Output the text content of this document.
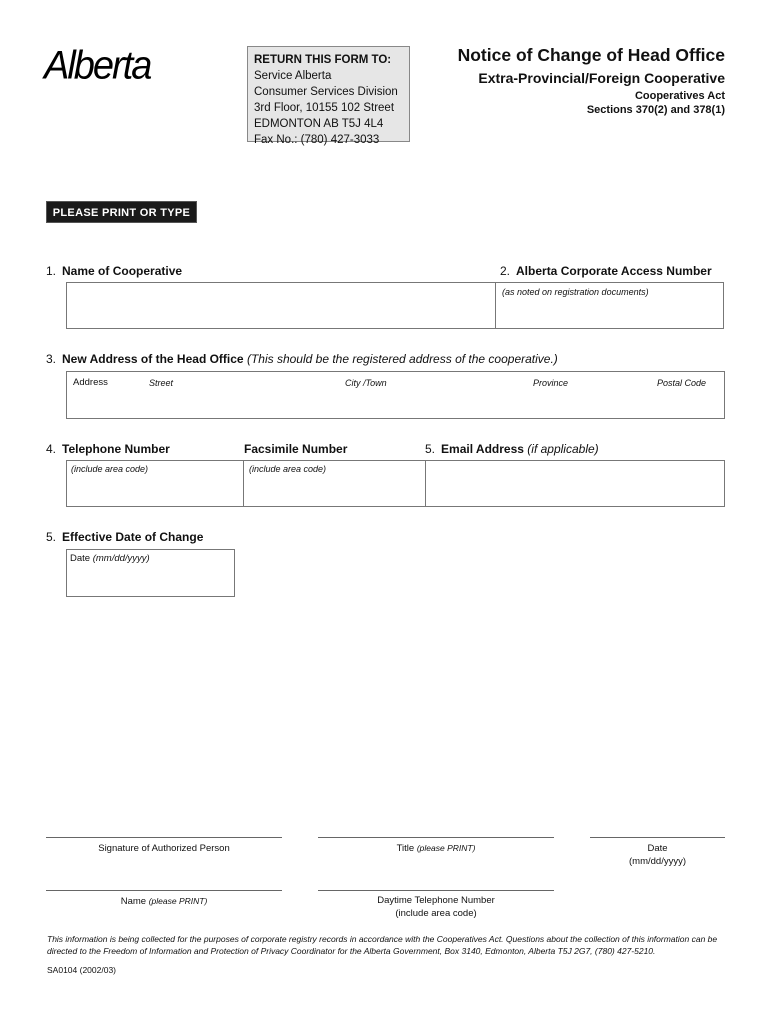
Alberta	RETURN THIS FORM TO:
Service Alberta
Consumer Services Division
3rd Floor, 10155 102 Street
EDMONTON AB T5J 4L4
Fax No.: (780) 427-3033
Notice of Change of Head Office
Extra-Provincial/Foreign Cooperative
Cooperatives Act
Sections 370(2) and 378(1)
PLEASE PRINT OR TYPE
1. Name of Cooperative	2. Alberta Corporate Access Number
(as noted on registration documents)
3. New Address of the Head Office (This should be the registered address of the cooperative.)
Address	Street	City /Town	Province	Postal Code
4. Telephone Number	Facsimile Number	5. Email Address (if applicable)
(include area code)	(include area code)
5. Effective Date of Change
Date (mm/dd/yyyy)
Signature of Authorized Person	Title (please PRINT)	Date
(mm/dd/yyyy)
Name (please PRINT)	Daytime Telephone Number
(include area code)
This information is being collected for the purposes of corporate registry records in accordance with the Cooperatives Act. Questions about the collection of this information can be directed to the Freedom of Information and Protection of Privacy Coordinator for the Alberta Government, Box 3140, Edmonton, Alberta T5J 2G7, (780) 427-5210.
SA0104 (2002/03)
